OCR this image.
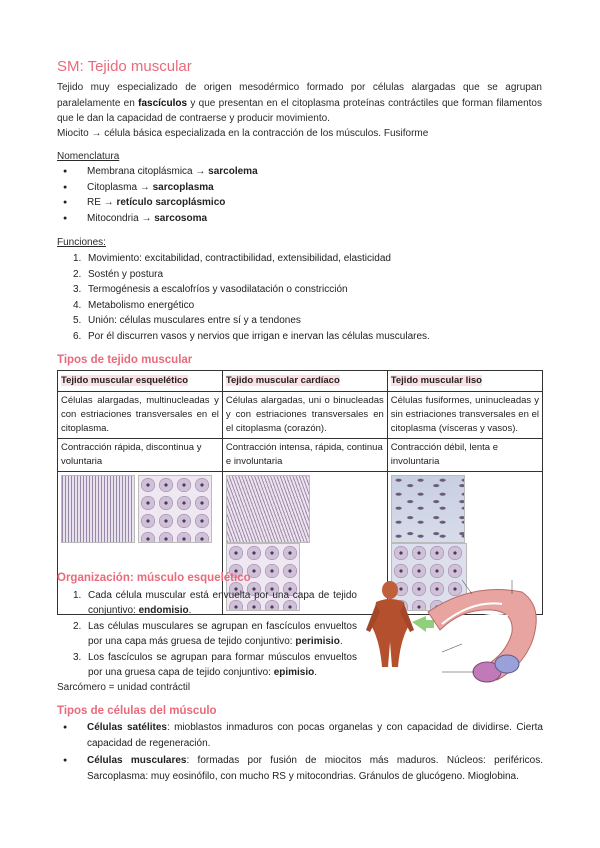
SM: Tejido muscular
Tejido muy especializado de origen mesodérmico formado por células alargadas que se agrupan paralelamente en fascículos y que presentan en el citoplasma proteínas contráctiles que forman filamentos que le dan la capacidad de contraerse y producir movimiento.
Miocito → célula básica especializada en la contracción de los músculos. Fusiforme
Nomenclatura
● Membrana citoplásmica → sarcolema
● Citoplasma → sarcoplasma
● RE → retículo sarcoplásmico
● Mitocondria → sarcosoma
Funciones:
1. Movimiento: excitabilidad, contractibilidad, extensibilidad, elasticidad
2. Sostén y postura
3. Termogénesis a escalofríos y vasodilatación o constricción
4. Metabolismo energético
5. Unión: células musculares entre sí y a tendones
6. Por él discurren vasos y nervios que irrigan e inervan las células musculares.
Tipos de tejido muscular
Tejido muscular esquelético	Tejido muscular cardíaco	Tejido muscular liso
Células alargadas, multinucleadas y con estriaciones transversales en el citoplasma.	Células alargadas, uni o binucleadas y con estriaciones transversales en el citoplasma (corazón).	Células fusiformes, uninucleadas y sin estriaciones transversales en el citoplasma (vísceras y vasos).
Contracción rápida, discontinua y voluntaria	Contracción intensa, rápida, continua e involuntaria	Contracción débil, lenta e involuntaria

Organización: músculo esquelético
1. Cada célula muscular está envuelta por una capa de tejido conjuntivo: endomisio.
2. Las células musculares se agrupan en fascículos envueltos por una capa más gruesa de tejido conjuntivo: perimisio.
3. Los fascículos se agrupan para formar músculos envueltos por una gruesa capa de tejido conjuntivo: epimisio.
Sarcómero = unidad contráctil
Tipos de células del músculo
● Células satélites: mioblastos inmaduros con pocas organelas y con capacidad de dividirse. Cierta capacidad de regeneración.
● Células musculares: formadas por fusión de miocitos más maduros. Núcleos: periféricos. Sarcoplasma: muy eosinófilo, con mucho RS y mitocondrias. Gránulos de glucógeno. Mioglobina.
